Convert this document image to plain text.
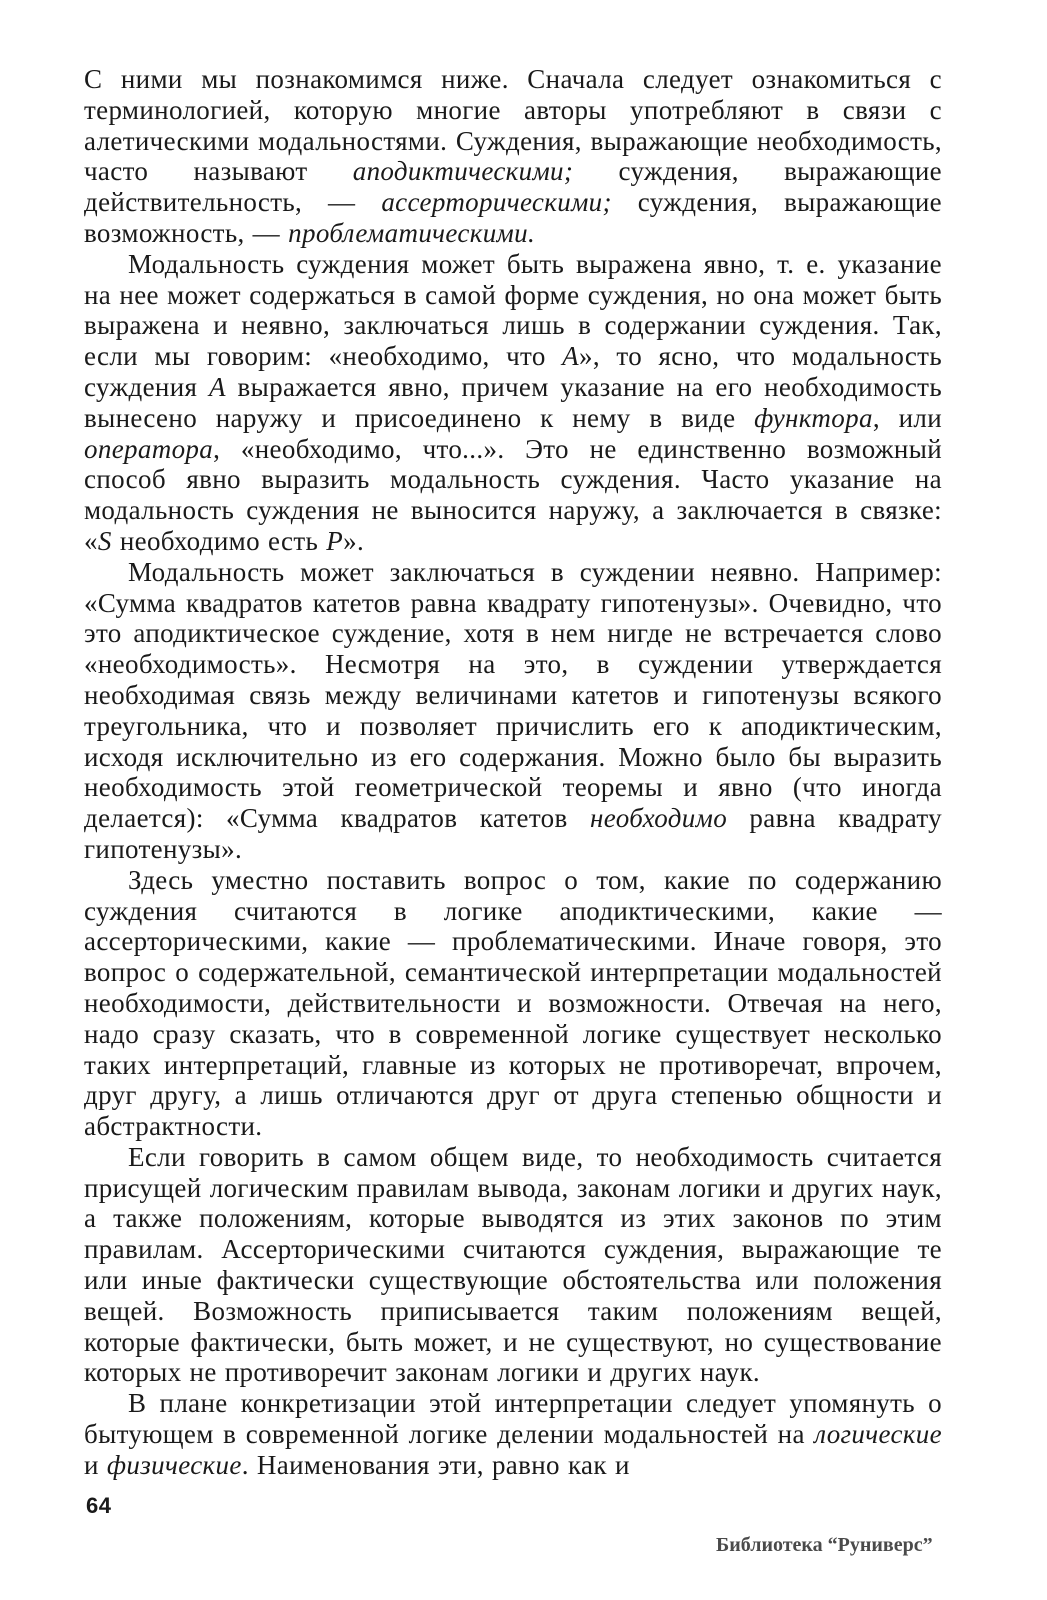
С ними мы познакомимся ниже. Сначала следует ознакомиться с терминологией, которую многие авторы употребляют в связи с алетическими модальностями. Суждения, выражающие необходимость, часто называют аподиктическими; суждения, выражающие действительность, — ассерторическими; суждения, выражающие возможность, — проблематическими.

Модальность суждения может быть выражена явно, т. е. указание на нее может содержаться в самой форме суждения, но она может быть выражена и неявно, заключаться лишь в содержании суждения. Так, если мы говорим: «необходимо, что А», то ясно, что модальность суждения А выражается явно, причем указание на его необходимость вынесено наружу и присоединено к нему в виде функтора, или оператора, «необходимо, что...». Это не единственно возможный способ явно выразить модальность суждения. Часто указание на модальность суждения не выносится наружу, а заключается в связке: «S необходимо есть Р».

Модальность может заключаться в суждении неявно. Например: «Сумма квадратов катетов равна квадрату гипотенузы». Очевидно, что это аподиктическое суждение, хотя в нем нигде не встречается слово «необходимость». Несмотря на это, в суждении утверждается необходимая связь между величинами катетов и гипотенузы всякого треугольника, что и позволяет причислить его к аподиктическим, исходя исключительно из его содержания. Можно было бы выразить необходимость этой геометрической теоремы и явно (что иногда делается): «Сумма квадратов катетов необходимо равна квадрату гипотенузы».

Здесь уместно поставить вопрос о том, какие по содержанию суждения считаются в логике аподиктическими, какие — ассерторическими, какие — проблематическими. Иначе говоря, это вопрос о содержательной, семантической интерпретации модальностей необходимости, действительности и возможности. Отвечая на него, надо сразу сказать, что в современной логике существует несколько таких интерпретаций, главные из которых не противоречат, впрочем, друг другу, а лишь отличаются друг от друга степенью общности и абстрактности.

Если говорить в самом общем виде, то необходимость считается присущей логическим правилам вывода, законам логики и других наук, а также положениям, которые выводятся из этих законов по этим правилам. Ассерторическими считаются суждения, выражающие те или иные фактически существующие обстоятельства или положения вещей. Возможность приписывается таким положениям вещей, которые фактически, быть может, и не существуют, но существование которых не противоречит законам логики и других наук.

В плане конкретизации этой интерпретации следует упомянуть о бытующем в современной логике делении модальностей на логические и физические. Наименования эти, равно как и

64
Библиотека “Руниверс”
